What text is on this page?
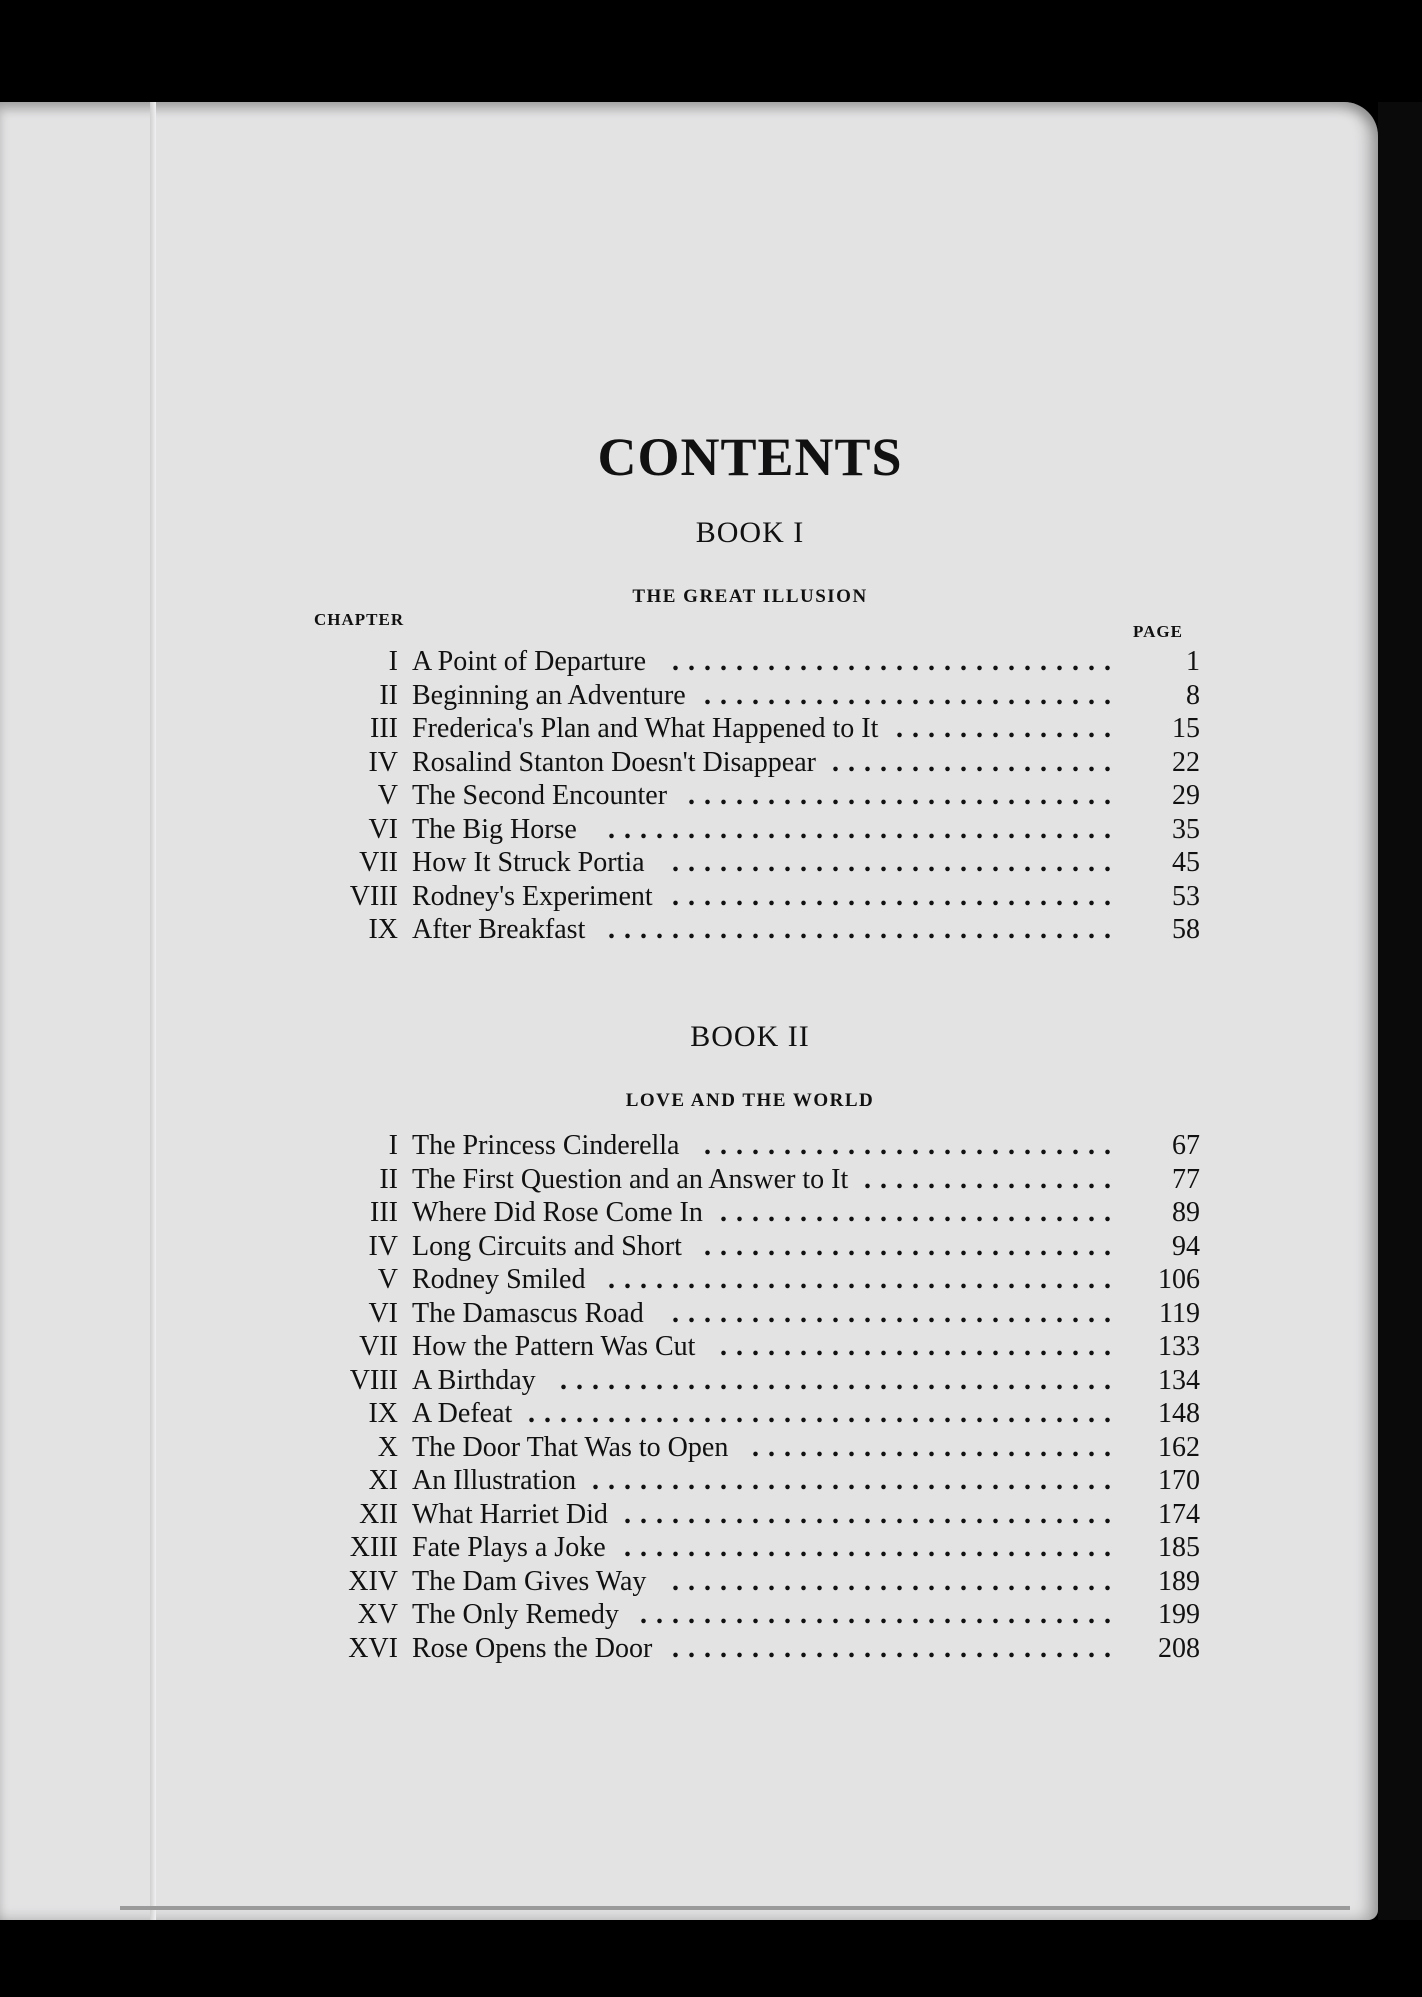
CONTENTS
BOOK I
THE GREAT ILLUSION
CHAPTER
PAGE
I A Point of Departure ............................	1
II Beginning an Adventure ..........................	8
III Frederica's Plan and What Happened to It ..............	15
IV Rosalind Stanton Doesn't Disappear ..................	22
V The Second Encounter ...........................	29
VI The Big Horse ................................	35
VII How It Struck Portia ............................	45
VIII Rodney's Experiment ............................	53
IX After Breakfast ................................	58
BOOK II
LOVE AND THE WORLD
I The Princess Cinderella ..........................	67
II The First Question and an Answer to It ................	77
III Where Did Rose Come In .........................	89
IV Long Circuits and Short ..........................	94
V Rodney Smiled ................................	106
VI The Damascus Road ............................	119
VII How the Pattern Was Cut .........................	133
VIII A Birthday ...................................	134
IX A Defeat .....................................	148
X The Door That Was to Open .......................	162
XI An Illustration .................................	170
XII What Harriet Did ...............................	174
XIII Fate Plays a Joke ...............................	185
XIV The Dam Gives Way ............................	189
XV The Only Remedy ..............................	199
XVI Rose Opens the Door ............................	208
